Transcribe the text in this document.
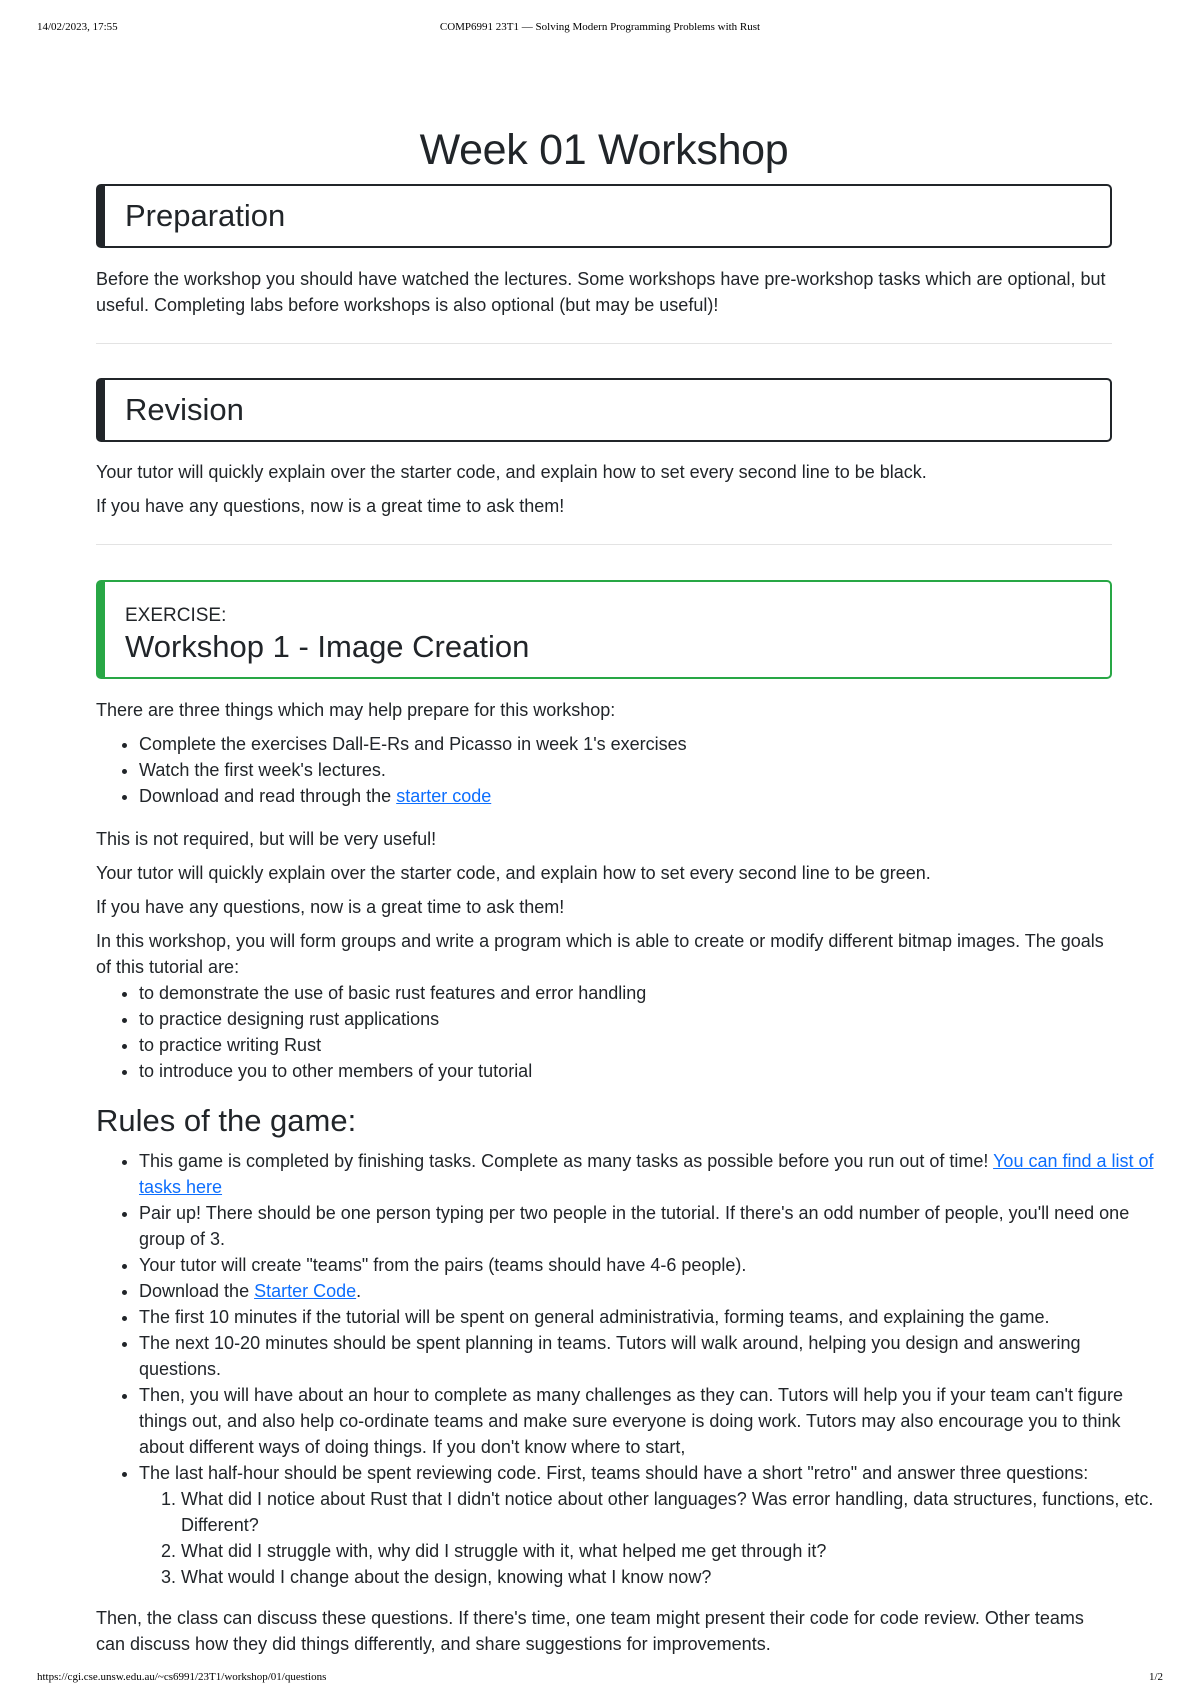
14/02/2023, 17:55	COMP6991 23T1 — Solving Modern Programming Problems with Rust
Week 01 Workshop
Preparation

Before the workshop you should have watched the lectures. Some workshops have pre-workshop tasks which are optional, but useful. Completing labs before workshops is also optional (but may be useful)!

Revision

Your tutor will quickly explain over the starter code, and explain how to set every second line to be black.

If you have any questions, now is a great time to ask them!

EXERCISE:
Workshop 1 - Image Creation

There are three things which may help prepare for this workshop:

• Complete the exercises Dall-E-Rs and Picasso in week 1's exercises
• Watch the first week's lectures.
• Download and read through the starter code

This is not required, but will be very useful!

Your tutor will quickly explain over the starter code, and explain how to set every second line to be green.

If you have any questions, now is a great time to ask them!

In this workshop, you will form groups and write a program which is able to create or modify different bitmap images. The goals of this tutorial are:

• to demonstrate the use of basic rust features and error handling
• to practice designing rust applications
• to practice writing Rust
• to introduce you to other members of your tutorial
Rules of the game:
• This game is completed by finishing tasks. Complete as many tasks as possible before you run out of time! You can find a list of tasks here
• Pair up! There should be one person typing per two people in the tutorial. If there's an odd number of people, you'll need one group of 3.
• Your tutor will create "teams" from the pairs (teams should have 4-6 people).
• Download the Starter Code.
• The first 10 minutes if the tutorial will be spent on general administrativia, forming teams, and explaining the game.
• The next 10-20 minutes should be spent planning in teams. Tutors will walk around, helping you design and answering questions.
• Then, you will have about an hour to complete as many challenges as they can. Tutors will help you if your team can't figure things out, and also help co-ordinate teams and make sure everyone is doing work. Tutors may also encourage you to think about different ways of doing things. If you don't know where to start,
• The last half-hour should be spent reviewing code. First, teams should have a short "retro" and answer three questions:
1. What did I notice about Rust that I didn't notice about other languages? Was error handling, data structures, functions, etc. Different?
2. What did I struggle with, why did I struggle with it, what helped me get through it?
3. What would I change about the design, knowing what I know now?

Then, the class can discuss these questions. If there's time, one team might present their code for code review. Other teams can discuss how they did things differently, and share suggestions for improvements.

https://cgi.cse.unsw.edu.au/~cs6991/23T1/workshop/01/questions	1/2
